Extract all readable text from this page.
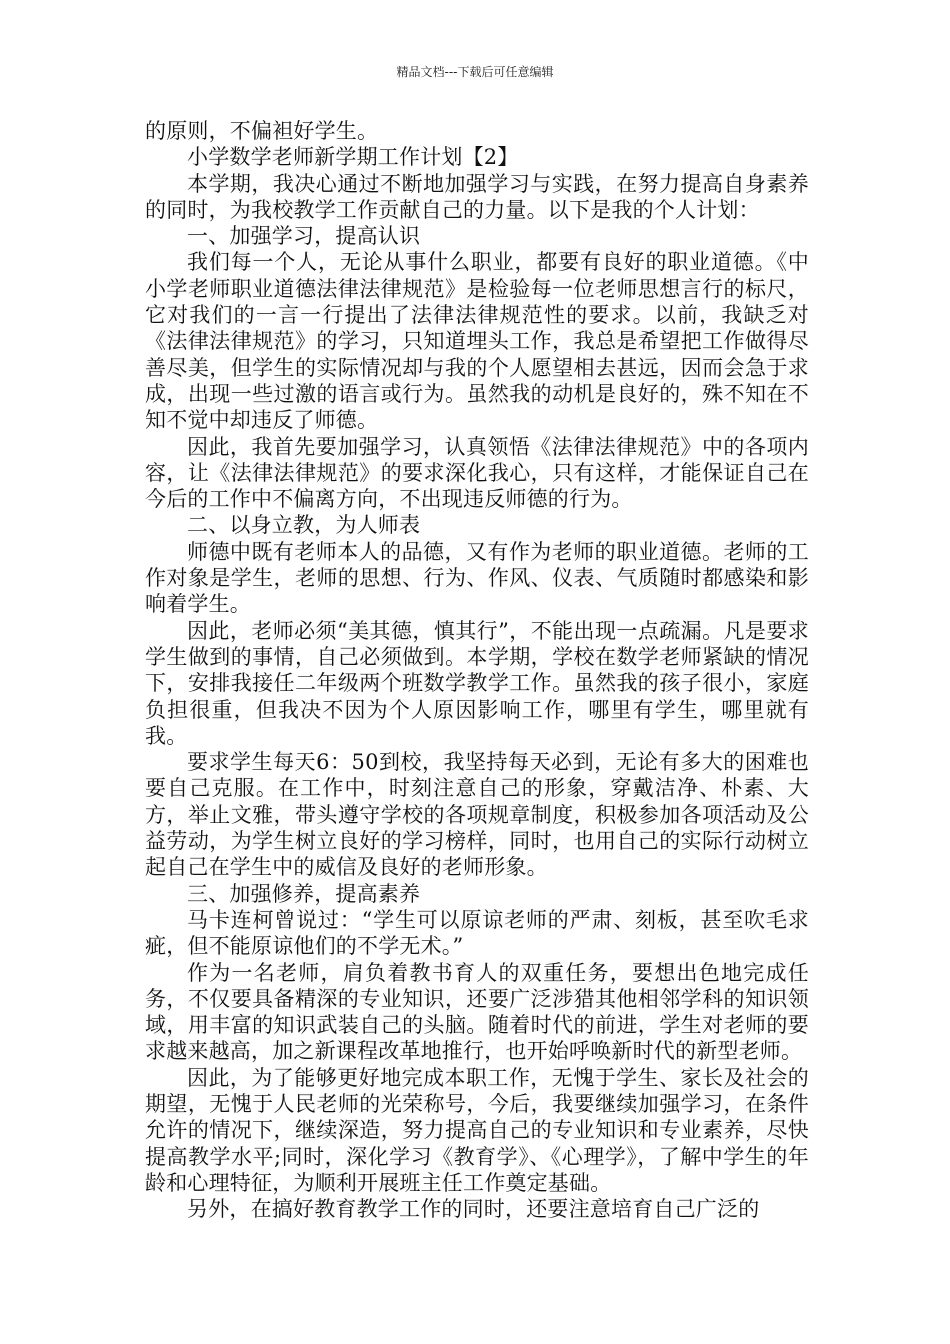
精品文档---下载后可任意编辑

的原则，不偏袒好学生。

小学数学老师新学期工作计划【2】

本学期，我决心通过不断地加强学习与实践，在努力提高自身素养的同时，为我校教学工作贡献自己的力量。以下是我的个人计划：

一、加强学习，提高认识

我们每一个人，无论从事什么职业，都要有良好的职业道德。《中小学老师职业道德法律法律规范》是检验每一位老师思想言行的标尺，它对我们的一言一行提出了法律法律规范性的要求。以前，我缺乏对《法律法律规范》的学习，只知道埋头工作，我总是希望把工作做得尽善尽美，但学生的实际情况却与我的个人愿望相去甚远，因而会急于求成，出现一些过激的语言或行为。虽然我的动机是良好的，殊不知在不知不觉中却违反了师德。

因此，我首先要加强学习，认真领悟《法律法律规范》中的各项内容，让《法律法律规范》的要求深化我心，只有这样，才能保证自己在今后的工作中不偏离方向，不出现违反师德的行为。

二、以身立教，为人师表

师德中既有老师本人的品德，又有作为老师的职业道德。老师的工作对象是学生，老师的思想、行为、作风、仪表、气质随时都感染和影响着学生。

因此，老师必须“美其德，慎其行”，不能出现一点疏漏。凡是要求学生做到的事情，自己必须做到。本学期，学校在数学老师紧缺的情况下，安排我接任二年级两个班数学教学工作。虽然我的孩子很小，家庭负担很重，但我决不因为个人原因影响工作，哪里有学生，哪里就有我。

要求学生每天6：50到校，我坚持每天必到，无论有多大的困难也要自己克服。在工作中，时刻注意自己的形象，穿戴洁净、朴素、大方，举止文雅，带头遵守学校的各项规章制度，积极参加各项活动及公益劳动，为学生树立良好的学习榜样，同时，也用自己的实际行动树立起自己在学生中的威信及良好的老师形象。

三、加强修养，提高素养

马卡连柯曾说过：“学生可以原谅老师的严肃、刻板，甚至吹毛求疵，但不能原谅他们的不学无术。”

作为一名老师，肩负着教书育人的双重任务，要想出色地完成任务，不仅要具备精深的专业知识，还要广泛涉猎其他相邻学科的知识领域，用丰富的知识武装自己的头脑。随着时代的前进，学生对老师的要求越来越高，加之新课程改革地推行，也开始呼唤新时代的新型老师。

因此，为了能够更好地完成本职工作，无愧于学生、家长及社会的期望，无愧于人民老师的光荣称号，今后，我要继续加强学习，在条件允许的情况下，继续深造，努力提高自己的专业知识和专业素养，尽快提高教学水平;同时，深化学习《教育学》、《心理学》，了解中学生的年龄和心理特征，为顺利开展班主任工作奠定基础。

另外，在搞好教育教学工作的同时，还要注意培育自己广泛的
